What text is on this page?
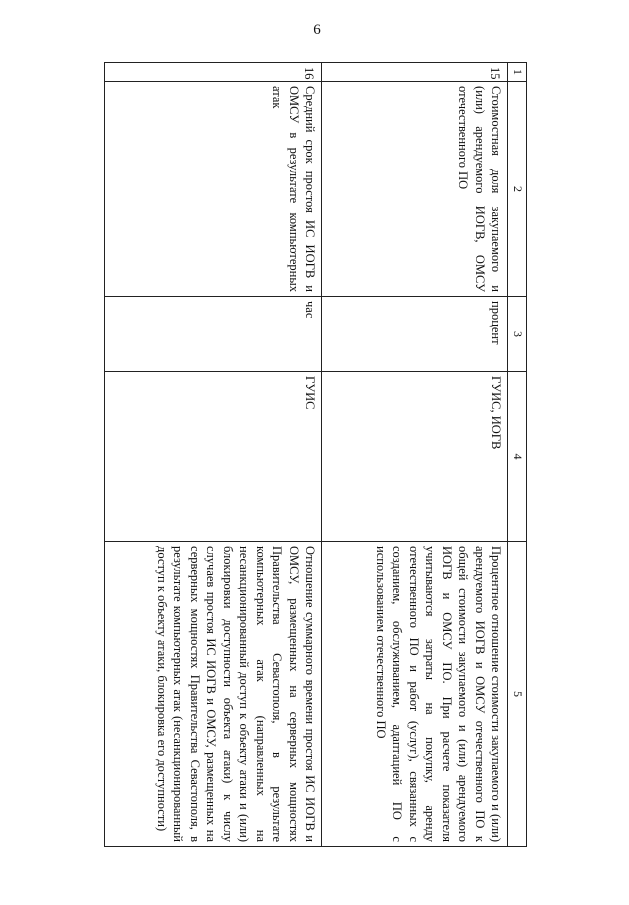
6
1	2	3	4	5
15	Стоимостная доля закупаемого и (или) арендуемого ИОГВ, ОМСУ отечественного ПО	процент	ГУИС, ИОГВ	Процентное отношение стоимости закупаемого и (или) арендуемого ИОГВ и ОМСУ отечественного ПО к общей стоимости закупаемого и (или) арендуемого ИОГВ и ОМСУ ПО. При расчете показателя учитываются затраты на покупку, аренду отечественного ПО и работ (услуг), связанных с созданием, обслуживанием, адаптацией ПО с использованием отечественного ПО
16	Средний срок простоя ИС ИОГВ и ОМСУ в результате компьютерных атак	час	ГУИС	Отношение суммарного времени простоя ИС ИОГВ и ОМСУ, размещенных на серверных мощностях Правительства Севастополя, в результате компьютерных атак (направленных на несанкционированный доступ к объекту атаки и (или) блокировки доступности объекта атаки) к числу случаев простоя ИС ИОГВ и ОМСУ, размещенных на серверных мощностях Правительства Севастополя, в результате компьютерных атак (несанкционированный доступ к объекту атаки, блокировка его доступности)
